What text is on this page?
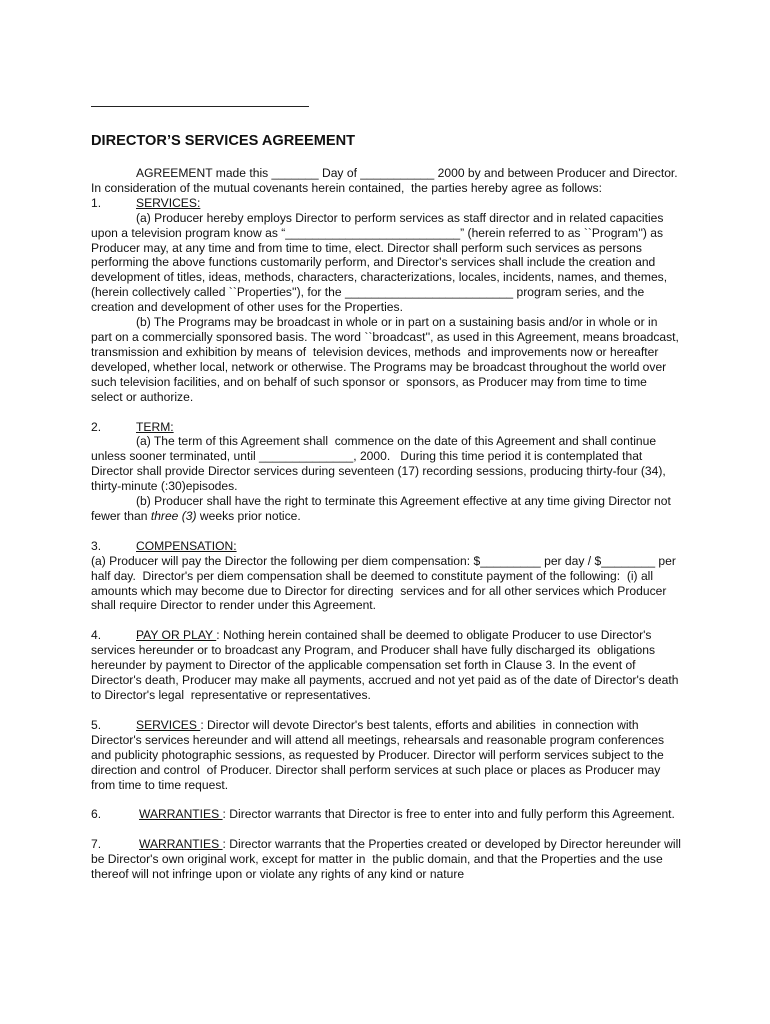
DIRECTOR’S SERVICES AGREEMENT

AGREEMENT made this _______ Day of ___________ 2000 by and between Producer and Director.  In consideration of the mutual covenants herein contained,  the parties hereby agree as follows:

1.	SERVICES:

(a) Producer hereby employs Director to perform services as staff director and in related capacities upon a television program know as “__________________________” (herein referred to as ``Program'') as Producer may, at any time and from time to time, elect. Director shall perform such services as persons performing the above functions customarily perform, and Director's services shall include the creation and development of titles, ideas, methods, characters, characterizations, locales, incidents, names, and themes, (herein collectively called ``Properties''), for the _________________________ program series, and the creation and development of other uses for the Properties.

(b) The Programs may be broadcast in whole or in part on a sustaining basis and/or in whole or in part on a commercially sponsored basis. The word ``broadcast'', as used in this Agreement, means broadcast, transmission and exhibition by means of  television devices, methods  and improvements now or hereafter developed, whether local, network or otherwise. The Programs may be broadcast throughout the world over such television facilities, and on behalf of such sponsor or  sponsors, as Producer may from time to time select or authorize.

2.	TERM:

(a) The term of this Agreement shall  commence on the date of this Agreement and shall continue unless sooner terminated, until ______________, 2000.   During this time period it is contemplated that Director shall provide Director services during seventeen (17) recording sessions, producing thirty-four (34), thirty-minute (:30)episodes.

(b) Producer shall have the right to terminate this Agreement effective at any time giving Director not fewer than three (3) weeks prior notice.

3.	COMPENSATION:

(a) Producer will pay the Director the following per diem compensation: $_________ per day / $________ per half day.  Director's per diem compensation shall be deemed to constitute payment of the following:  (i) all amounts which may become due to Director for directing  services and for all other services which Producer shall require Director to render under this Agreement.

4.	PAY OR PLAY : Nothing herein contained shall be deemed to obligate Producer to use Director's services hereunder or to broadcast any Program, and Producer shall have fully discharged its  obligations hereunder by payment to Director of the applicable compensation set forth in Clause 3. In the event of Director's death, Producer may make all payments, accrued and not yet paid as of the date of Director's death to Director's legal  representative or representatives.

5.	SERVICES : Director will devote Director's best talents, efforts and abilities  in connection with Director's services hereunder and will attend all meetings, rehearsals and reasonable program conferences and publicity photographic sessions, as requested by Producer. Director will perform services subject to the direction and control  of Producer. Director shall perform services at such place or places as Producer may from time to time request.

6.	WARRANTIES : Director warrants that Director is free to enter into and fully perform this Agreement.

7.	WARRANTIES : Director warrants that the Properties created or developed by Director hereunder will be Director's own original work, except for matter in  the public domain, and that the Properties and the use thereof will not infringe upon or violate any rights of any kind or nature
